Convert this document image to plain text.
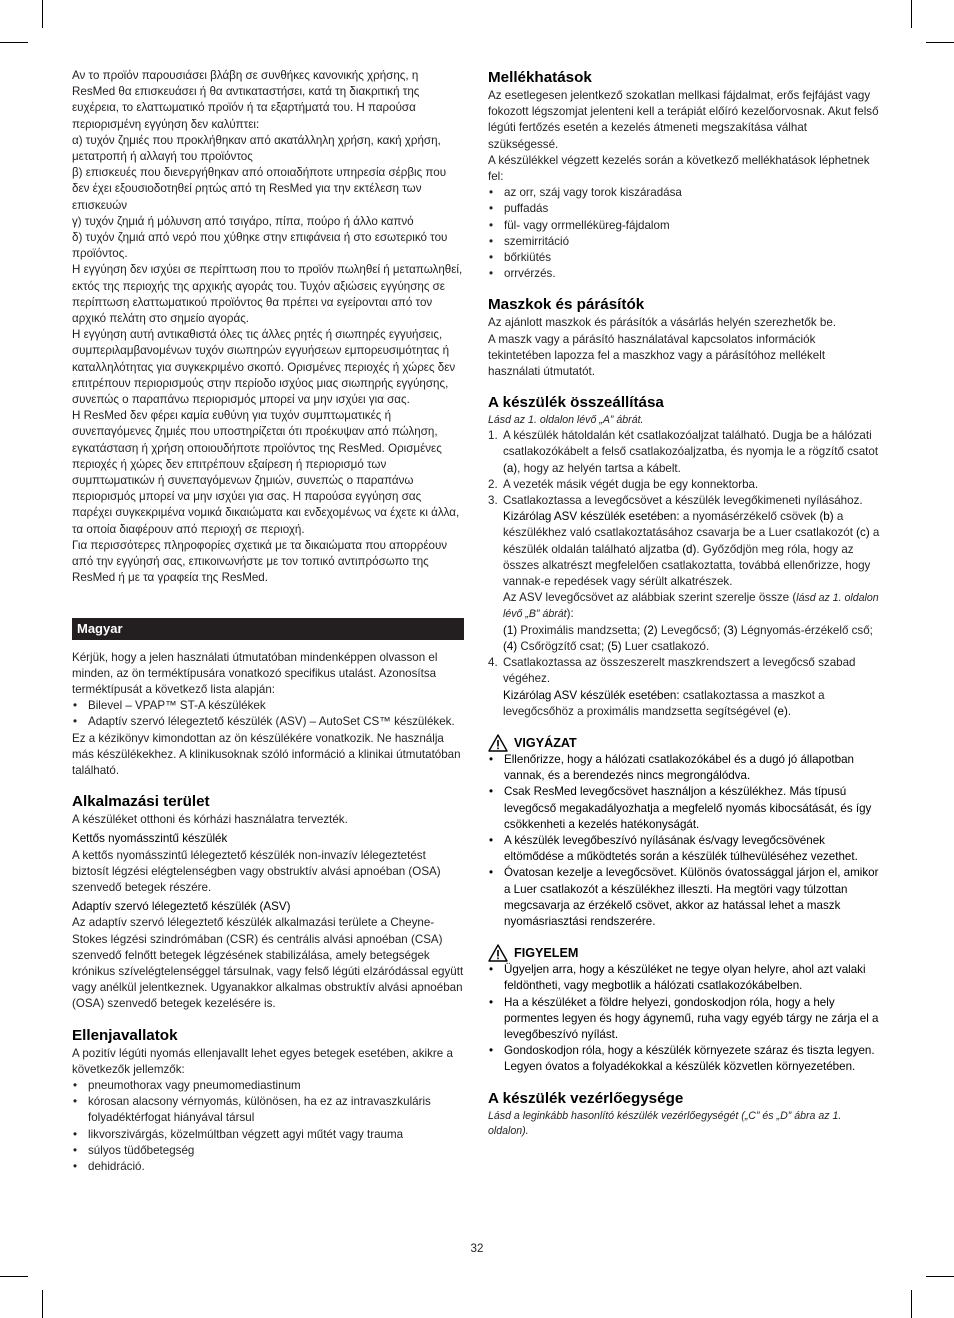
Αν το προϊόν παρουσιάσει βλάβη σε συνθήκες κανονικής χρήσης, η ResMed θα επισκευάσει ή θα αντικαταστήσει, κατά τη διακριτική της ευχέρεια, το ελαττωματικό προϊόν ή τα εξαρτήματά του. Η παρούσα περιορισμένη εγγύηση δεν καλύπτει:

α) τυχόν ζημιές που προκλήθηκαν από ακατάλληλη χρήση, κακή χρήση, μετατροπή ή αλλαγή του προϊόντος

β) επισκευές που διενεργήθηκαν από οποιαδήποτε υπηρεσία σέρβις που δεν έχει εξουσιοδοτηθεί ρητώς από τη ResMed για την εκτέλεση των επισκευών

γ) τυχόν ζημιά ή μόλυνση από τσιγάρο, πίπα, πούρο ή άλλο καπνό

δ) τυχόν ζημιά από νερό που χύθηκε στην επιφάνεια ή στο εσωτερικό του προϊόντος.

Η εγγύηση δεν ισχύει σε περίπτωση που το προϊόν πωληθεί ή μεταπωληθεί, εκτός της περιοχής της αρχικής αγοράς του. Τυχόν αξιώσεις εγγύησης σε περίπτωση ελαττωματικού προϊόντος θα πρέπει να εγείρονται από τον αρχικό πελάτη στο σημείο αγοράς.

Η εγγύηση αυτή αντικαθιστά όλες τις άλλες ρητές ή σιωπηρές εγγυήσεις, συμπεριλαμβανομένων τυχόν σιωπηρών εγγυήσεων εμπορευσιμότητας ή καταλληλότητας για συγκεκριμένο σκοπό. Ορισμένες περιοχές ή χώρες δεν επιτρέπουν περιορισμούς στην περίοδο ισχύος μιας σιωπηρής εγγύησης, συνεπώς ο παραπάνω περιορισμός μπορεί να μην ισχύει για σας.

Η ResMed δεν φέρει καμία ευθύνη για τυχόν συμπτωματικές ή συνεπαγόμενες ζημιές που υποστηρίζεται ότι προέκυψαν από πώληση, εγκατάσταση ή χρήση οποιουδήποτε προϊόντος της ResMed. Ορισμένες περιοχές ή χώρες δεν επιτρέπουν εξαίρεση ή περιορισμό των συμπτωματικών ή συνεπαγόμενων ζημιών, συνεπώς ο παραπάνω περιορισμός μπορεί να μην ισχύει για σας. Η παρούσα εγγύηση σας παρέχει συγκεκριμένα νομικά δικαιώματα και ενδεχομένως να έχετε κι άλλα, τα οποία διαφέρουν από περιοχή σε περιοχή.

Για περισσότερες πληροφορίες σχετικά με τα δικαιώματα που απορρέουν από την εγγύησή σας, επικοινωνήστε με τον τοπικό αντιπρόσωπο της ResMed ή με τα γραφεία της ResMed.

Magyar

Kérjük, hogy a jelen használati útmutatóban mindenképpen olvasson el minden, az ön terméktípusára vonatkozó specifikus utalást. Azonosítsa terméktípusát a következő lista alapján:

• Bilevel – VPAP™ ST-A készülékek
• Adaptív szervó lélegeztető készülék (ASV) – AutoSet CS™ készülékek.

Ez a kézikönyv kimondottan az ön készülékére vonatkozik. Ne használja más készülékekhez. A klinikusoknak szóló információ a klinikai útmutatóban található.

Alkalmazási terület

A készüléket otthoni és kórházi használatra tervezték.

Kettős nyomásszintű készülék

A kettős nyomásszintű lélegeztető készülék non-invazív lélegeztetést biztosít légzési elégtelenségben vagy obstruktív alvási apnoéban (OSA) szenvedő betegek részére.

Adaptív szervó lélegeztető készülék (ASV)

Az adaptív szervó lélegeztető készülék alkalmazási területe a Cheyne-Stokes légzési szindrómában (CSR) és centrális alvási apnoéban (CSA) szenvedő felnőtt betegek légzésének stabilizálása, amely betegségek krónikus szívelégtelenséggel társulnak, vagy felső légúti elzáródással együtt vagy anélkül jelentkeznek. Ugyanakkor alkalmas obstruktív alvási apnoéban (OSA) szenvedő betegek kezelésére is.

Ellenjavallatok

A pozitív légúti nyomás ellenjavallt lehet egyes betegek esetében, akikre a következők jellemzők:

• pneumothorax vagy pneumomediastinum
• kórosan alacsony vérnyomás, különösen, ha ez az intravaszkuláris folyadéktérfogat hiányával társul
• likvorszivárgás, közelmúltban végzett agyi műtét vagy trauma
• súlyos tüdőbetegség
• dehidráció.
Mellékhatások

Az esetlegesen jelentkező szokatlan mellkasi fájdalmat, erős fejfájást vagy fokozott légszomjat jelenteni kell a terápiát előíró kezelőorvosnak. Akut felső légúti fertőzés esetén a kezelés átmeneti megszakítása válhat szükségessé.

A készülékkel végzett kezelés során a következő mellékhatások léphetnek fel:

• az orr, száj vagy torok kiszáradása
• puffadás
• fül- vagy orrmelléküreg-fájdalom
• szemirritáció
• bőrkiütés
• orrvérzés.
Maszkok és párásítók

Az ajánlott maszkok és párásítók a vásárlás helyén szerezhetők be.

A maszk vagy a párásító használatával kapcsolatos információk tekintetében lapozza fel a maszkhoz vagy a párásítóhoz mellékelt használati útmutatót.

A készülék összeállítása

Lásd az 1. oldalon lévő „A” ábrát.

1. A készülék hátoldalán két csatlakozóaljzat található. Dugja be a hálózati csatlakozókábelt a felső csatlakozóaljzatba, és nyomja le a rögzítő csatot (a), hogy az helyén tartsa a kábelt.
2. A vezeték másik végét dugja be egy konnektorba.
3. Csatlakoztassa a levegőcsövet a készülék levegőkimeneti nyílásához.
Kizárólag ASV készülék esetében: a nyomásérzékelő csövek (b) a készülékhez való csatlakoztatásához csavarja be a Luer csatlakozót (c) a készülék oldalán található aljzatba (d). Győződjön meg róla, hogy az összes alkatrészt megfelelően csatlakoztatta, továbbá ellenőrizze, hogy vannak-e repedések vagy sérült alkatrészek.
Az ASV levegőcsövet az alábbiak szerint szerelje össze (lásd az 1. oldalon lévő „B” ábrát):
(1) Proximális mandzsetta; (2) Levegőcső; (3) Légnyomás-érzékelő cső; (4) Csőrögzítő csat; (5) Luer csatlakozó.
4. Csatlakoztassa az összeszerelt maszkrendszert a levegőcső szabad végéhez.
Kizárólag ASV készülék esetében: csatlakoztassa a maszkot a levegőcsőhöz a proximális mandzsetta segítségével (e).
VIGYÁZAT
• Ellenőrizze, hogy a hálózati csatlakozókábel és a dugó jó állapotban vannak, és a berendezés nincs megrongálódva.
• Csak ResMed levegőcsövet használjon a készülékhez. Más típusú levegőcső megakadályozhatja a megfelelő nyomás kibocsátását, és így csökkenheti a kezelés hatékonyságát.
• A készülék levegőbeszívó nyílásának és/vagy levegőcsövének eltömődése a működtetés során a készülék túlhevüléséhez vezethet.
• Óvatosan kezelje a levegőcsövet. Különös óvatossággal járjon el, amikor a Luer csatlakozót a készülékhez illeszti. Ha megtöri vagy túlzottan megcsavarja az érzékelő csövet, akkor az hatással lehet a maszk nyomásriasztási rendszerére.
FIGYELEM
• Ügyeljen arra, hogy a készüléket ne tegye olyan helyre, ahol azt valaki feldöntheti, vagy megbotlik a hálózati csatlakozókábelben.
• Ha a készüléket a földre helyezi, gondoskodjon róla, hogy a hely pormentes legyen és hogy ágynemű, ruha vagy egyéb tárgy ne zárja el a levegőbeszívó nyílást.
• Gondoskodjon róla, hogy a készülék környezete száraz és tiszta legyen. Legyen óvatos a folyadékokkal a készülék közvetlen környezetében.
A készülék vezérlőegysége

Lásd a leginkább hasonlító készülék vezérlőegységét („C” és „D” ábra az 1. oldalon).

32
